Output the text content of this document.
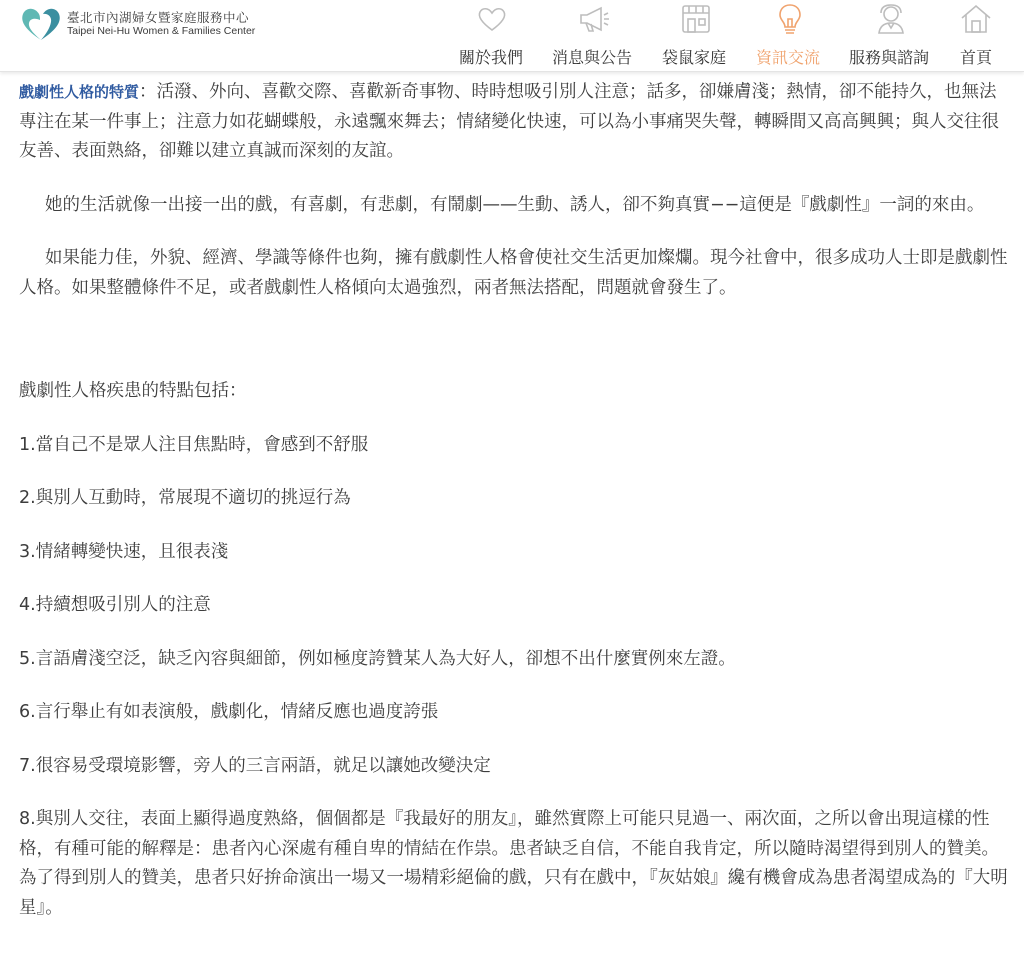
臺北市內湖婦女暨家庭服務中心
Taipei Nei-Hu Women & Families Center
關於我們 消息與公告 袋鼠家庭 資訊交流 服務與諮詢 首頁

戲劇性人格的特質：活潑、外向、喜歡交際、喜歡新奇事物、時時想吸引別人注意；話多，卻嫌膚淺；熱情，卻不能持久，也無法專注在某一件事上；注意力如花蝴蝶般，永遠飄來舞去；情緒變化快速，可以為小事痛哭失聲，轉瞬間又高高興興；與人交往很友善、表面熟絡，卻難以建立真誠而深刻的友誼。

她的生活就像一出接一出的戲，有喜劇，有悲劇，有鬧劇——生動、誘人，卻不夠真實−−這便是『戲劇性』一詞的來由。

如果能力佳，外貌、經濟、學識等條件也夠，擁有戲劇性人格會使社交生活更加燦爛。現今社會中，很多成功人士即是戲劇性人格。如果整體條件不足，或者戲劇性人格傾向太過強烈，兩者無法搭配，問題就會發生了。

戲劇性人格疾患的特點包括：

1.當自己不是眾人注目焦點時，會感到不舒服

2.與別人互動時，常展現不適切的挑逗行為

3.情緒轉變快速，且很表淺

4.持續想吸引別人的注意

5.言語膚淺空泛，缺乏內容與細節，例如極度誇贊某人為大好人，卻想不出什麼實例來左證。

6.言行舉止有如表演般，戲劇化，情緒反應也過度誇張

7.很容易受環境影響，旁人的三言兩語，就足以讓她改變決定

8.與別人交往，表面上顯得過度熟絡，個個都是『我最好的朋友』，雖然實際上可能只見過一、兩次面，之所以會出現這樣的性格，有種可能的解釋是：患者內心深處有種自卑的情結在作祟。患者缺乏自信，不能自我肯定，所以隨時渴望得到別人的贊美。為了得到別人的贊美，患者只好拚命演出一場又一場精彩絕倫的戲，只有在戲中，『灰姑娘』纔有機會成為患者渴望成為的『大明星』。
